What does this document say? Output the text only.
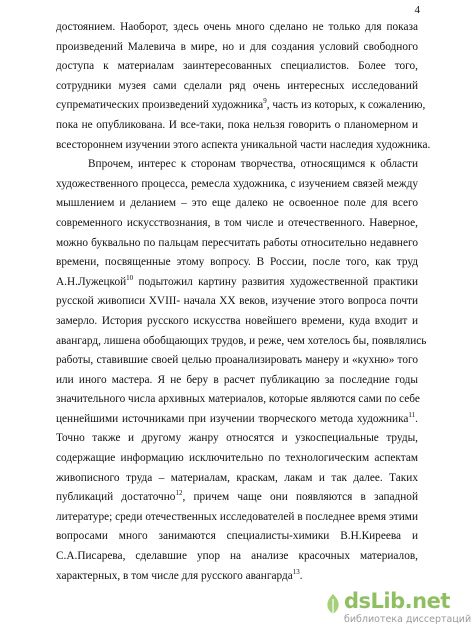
4
достоянием. Наоборот, здесь очень много сделано не только для показа
произведений Малевича в мире, но и для создания условий свободного
доступа к материалам заинтересованных специалистов. Более того,
сотрудники музея сами сделали ряд очень интересных исследований
супрематических произведений художника$^9$, часть из которых, к сожалению,
пока не опубликована. И все-таки, пока нельзя говорить о планомерном и
всестороннем изучении этого аспекта уникальной части наследия художника.
Впрочем, интерес к сторонам творчества, относящимся к области
художественного процесса, ремесла художника, с изучением связей между
мышлением и деланием – это еще далеко не освоенное поле для всего
современного искусствознания, в том числе и отечественного. Наверное,
можно буквально по пальцам пересчитать работы относительно недавнего
времени, посвященные этому вопросу. В России, после того, как труд
А.Н.Лужецкой$^{10}$ подытожил картину развития художественной практики
русской живописи XVIII- начала XX веков, изучение этого вопроса почти
замерло. История русского искусства новейшего времени, куда входит и
авангард, лишена обобщающих трудов, и реже, чем хотелось бы, появлялись
работы, ставившие своей целью проанализировать манеру и «кухню» того
или иного мастера. Я не беру в расчет публикацию за последние годы
значительного числа архивных материалов, которые являются сами по себе
ценнейшими источниками при изучении творческого метода художника$^{11}$.
Точно также и другому жанру относятся и узкоспециальные труды,
содержащие информацию исключительно по технологическим аспектам
живописного труда – материалам, краскам, лакам и так далее. Таких
публикаций достаточно$^{12}$, причем чаще они появляются в западной
литературе; среди отечественных исследователей в последнее время этими
вопросами много занимаются специалисты-химики В.Н.Киреева и
С.А.Писарева, сделавшие упор на анализе красочных материалов,
характерных, в том числе для русского авангарда$^{13}$.
dsLib.net
библиотека диссертаций
